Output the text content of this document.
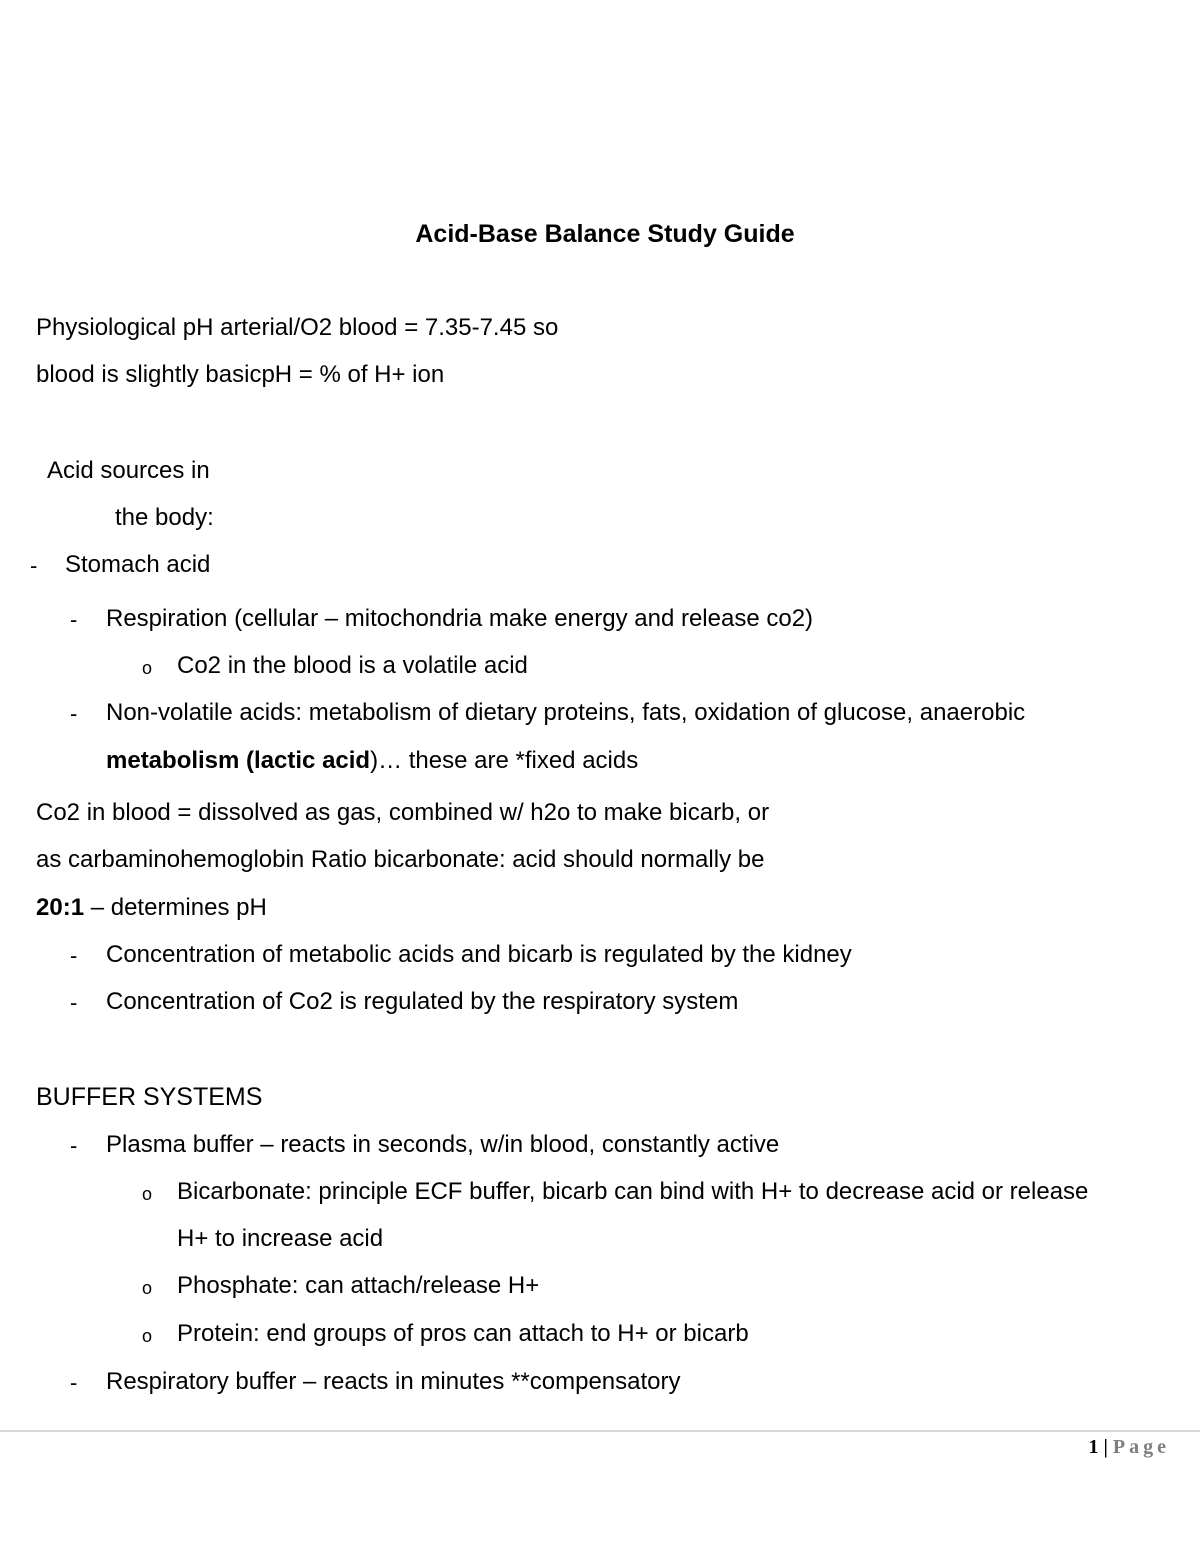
Acid-Base Balance Study Guide
Physiological pH arterial/O2 blood = 7.35-7.45 so
blood is slightly basicpH = % of H+ ion
Acid sources in
the body:
- Stomach acid
- Respiration (cellular – mitochondria make energy and release co2)
o Co2 in the blood is a volatile acid
- Non-volatile acids: metabolism of dietary proteins, fats, oxidation of glucose, anaerobic
metabolism (lactic acid)… these are *fixed acids
Co2 in blood = dissolved as gas, combined w/ h2o to make bicarb, or
as carbaminohemoglobin Ratio bicarbonate: acid should normally be
20:1 – determines pH
- Concentration of metabolic acids and bicarb is regulated by the kidney
- Concentration of Co2 is regulated by the respiratory system
BUFFER SYSTEMS
- Plasma buffer – reacts in seconds, w/in blood, constantly active
o Bicarbonate: principle ECF buffer, bicarb can bind with H+ to decrease acid or release
H+ to increase acid
o Phosphate: can attach/release H+
o Protein: end groups of pros can attach to H+ or bicarb
- Respiratory buffer – reacts in minutes **compensatory
1 | Page
